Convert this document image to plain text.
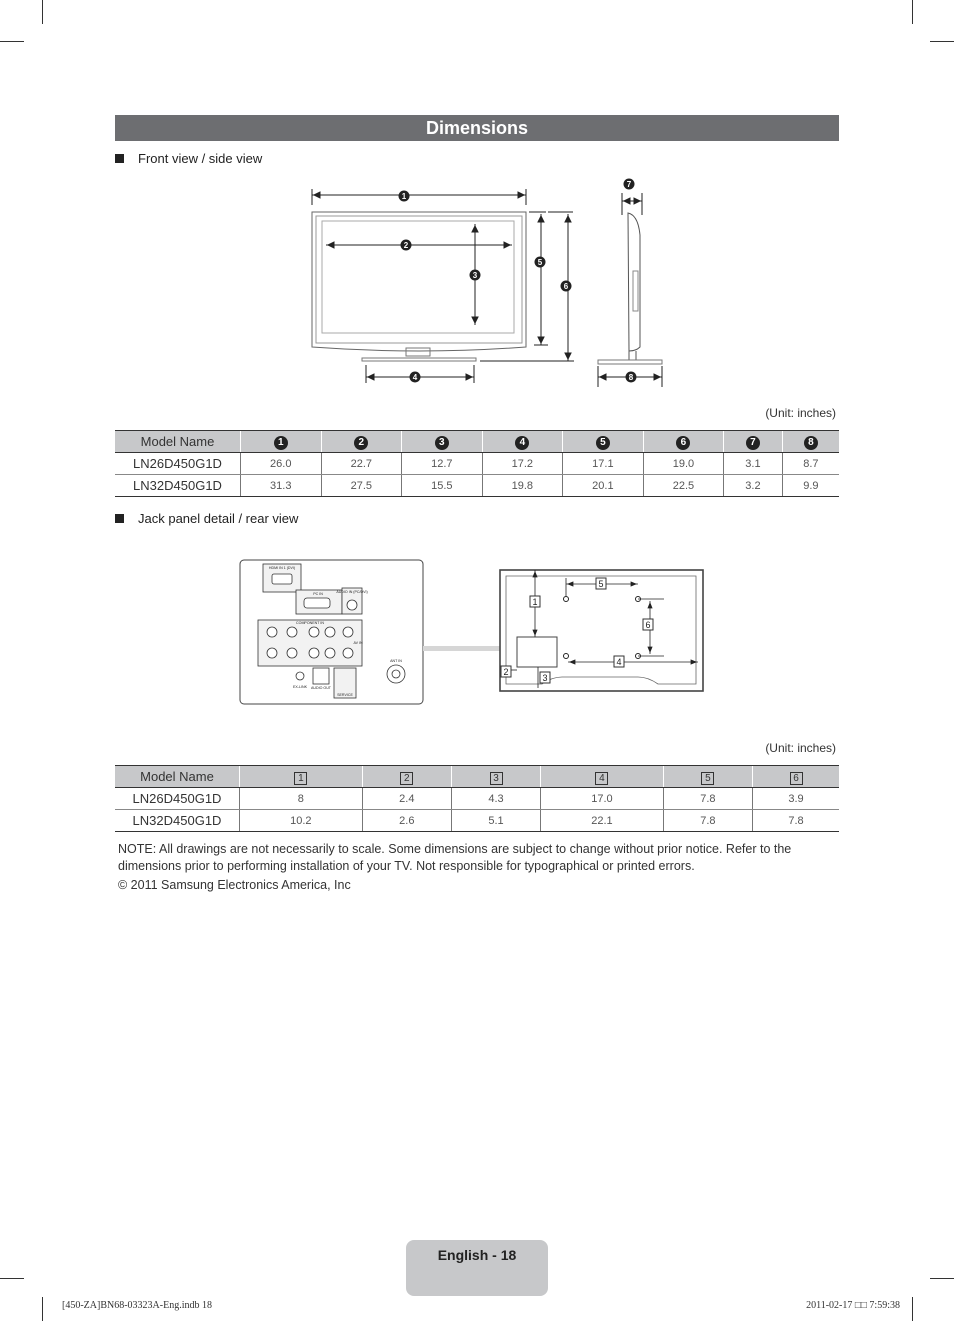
Dimensions
Front view / side view
1
2
3
4
5
6
7
8
(Unit: inches)
Model Name	1	2	3	4	5	6	7	8
LN26D450G1D	26.0	22.7	12.7	17.2	17.1	19.0	3.1	8.7
LN32D450G1D	31.3	27.5	15.5	19.8	20.1	22.5	3.2	9.9
Jack panel detail / rear view
HDMI IN 1 (DVI)
PC IN	AUDIO IN (PC/DVI)
COMPONENT IN
AV IN
ANT IN
EX-LINK AUDIO OUT
SERVICE
1
2
3
4
5
6
(Unit: inches)
Model Name	1	2	3	4	5	6
LN26D450G1D	8	2.4	4.3	17.0	7.8	3.9
LN32D450G1D	10.2	2.6	5.1	22.1	7.8	7.8
NOTE: All drawings are not necessarily to scale. Some dimensions are subject to change without prior notice. Refer to the dimensions prior to performing installation of your TV. Not responsible for typographical or printed errors.
© 2011 Samsung Electronics America, Inc
English - 18
[450-ZA]BN68-03323A-Eng.indb 18	2011-02-17 □□ 7:59:38
